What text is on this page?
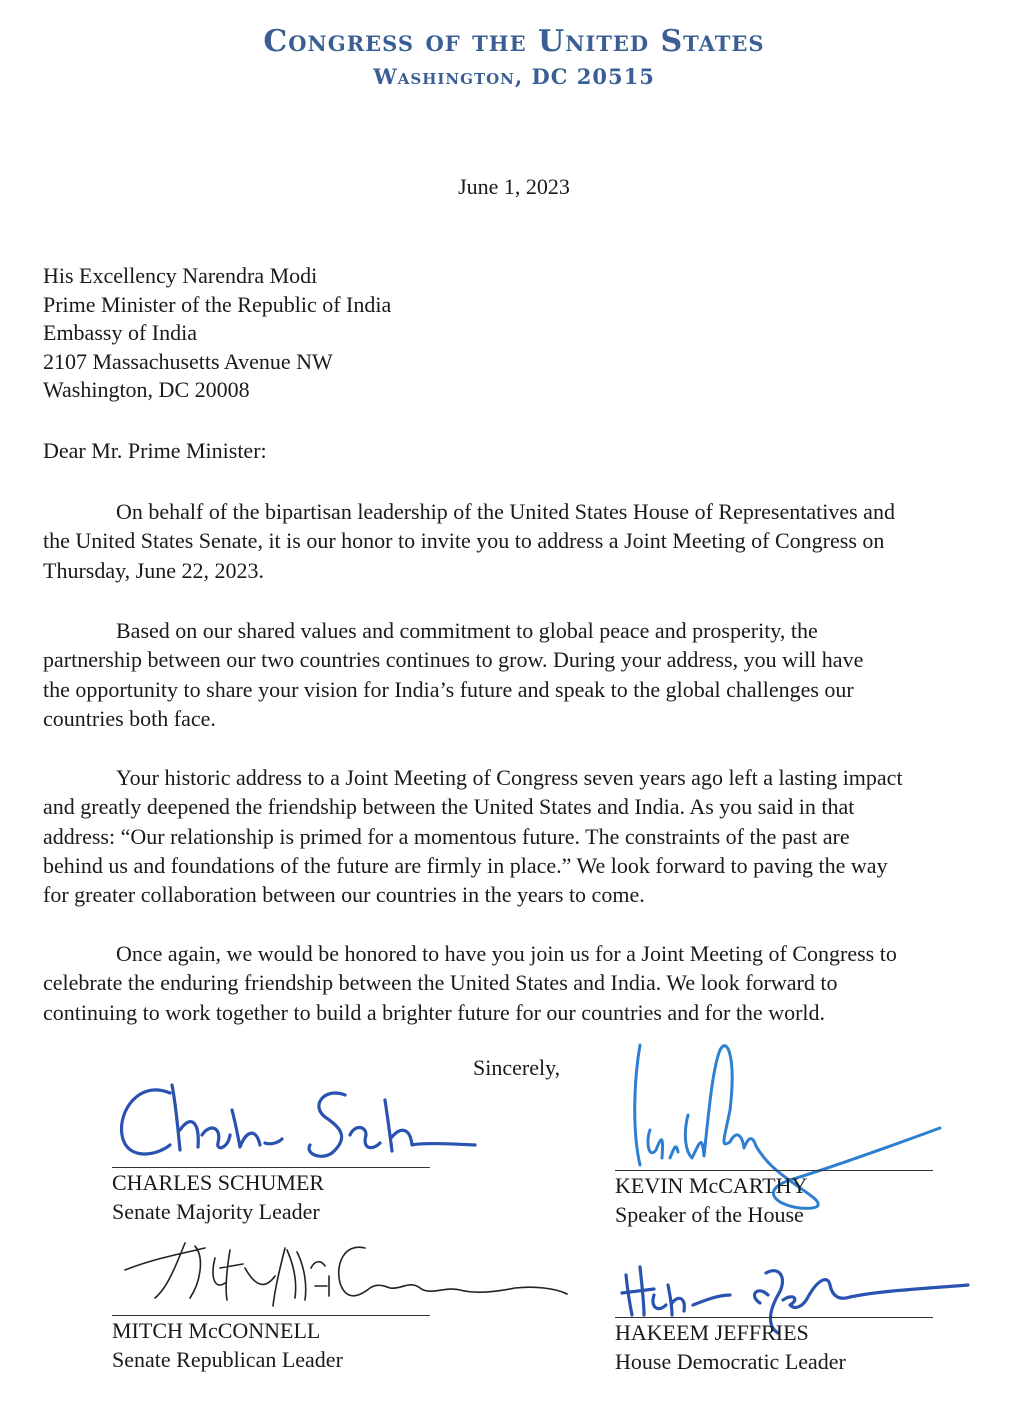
Congress of the United States
Washington, DC 20515
June 1, 2023
His Excellency Narendra Modi
Prime Minister of the Republic of India
Embassy of India
2107 Massachusetts Avenue NW
Washington, DC 20008
Dear Mr. Prime Minister:
On behalf of the bipartisan leadership of the United States House of Representatives and
the United States Senate, it is our honor to invite you to address a Joint Meeting of Congress on
Thursday, June 22, 2023.
Based on our shared values and commitment to global peace and prosperity, the
partnership between our two countries continues to grow. During your address, you will have
the opportunity to share your vision for India’s future and speak to the global challenges our
countries both face.
Your historic address to a Joint Meeting of Congress seven years ago left a lasting impact
and greatly deepened the friendship between the United States and India. As you said in that
address: “Our relationship is primed for a momentous future. The constraints of the past are
behind us and foundations of the future are firmly in place.” We look forward to paving the way
for greater collaboration between our countries in the years to come.
Once again, we would be honored to have you join us for a Joint Meeting of Congress to
celebrate the enduring friendship between the United States and India. We look forward to
continuing to work together to build a brighter future for our countries and for the world.
Sincerely,
CHARLES SCHUMER
Senate Majority Leader
KEVIN McCARTHY
Speaker of the House
MITCH McCONNELL
Senate Republican Leader
HAKEEM JEFFRIES
House Democratic Leader
